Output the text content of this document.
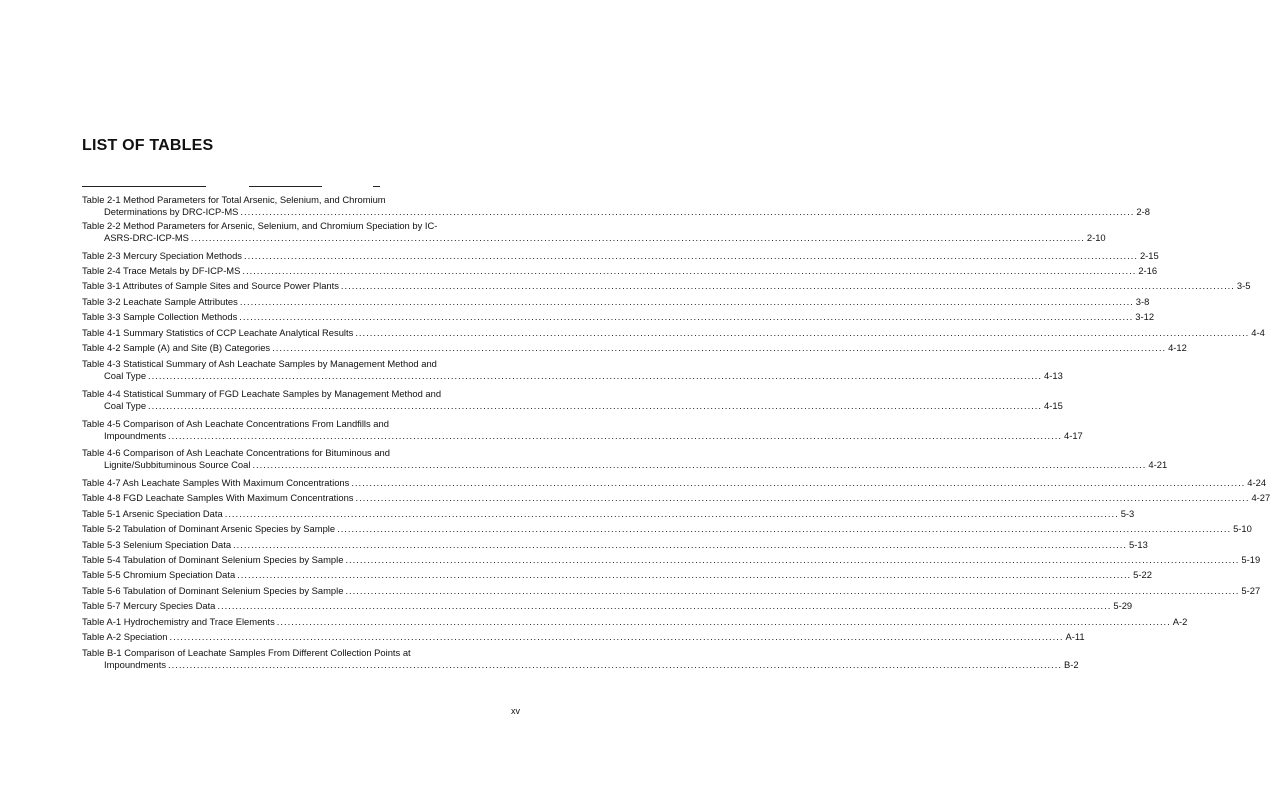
LIST OF TABLES
Table 2-1 Method Parameters for Total Arsenic, Selenium, and Chromium
Determinations by DRC-ICP-MS .....	2-8
Table 2-2 Method Parameters for Arsenic, Selenium, and Chromium Speciation by IC-
ASRS-DRC-ICP-MS .....	2-10
Table 2-3 Mercury Speciation Methods .....	2-15
Table 2-4 Trace Metals by DF-ICP-MS .....	2-16
Table 3-1 Attributes of Sample Sites and Source Power Plants .....	3-5
Table 3-2 Leachate Sample Attributes .....	3-8
Table 3-3 Sample Collection Methods .....	3-12
Table 4-1 Summary Statistics of CCP Leachate Analytical Results .....	4-4
Table 4-2 Sample (A) and Site (B) Categories .....	4-12
Table 4-3 Statistical Summary of Ash Leachate Samples by Management Method and
Coal Type .....	4-13
Table 4-4 Statistical Summary of FGD Leachate Samples by Management Method and
Coal Type .....	4-15
Table 4-5 Comparison of Ash Leachate Concentrations From Landfills and
Impoundments .....	4-17
Table 4-6 Comparison of Ash Leachate Concentrations for Bituminous and
Lignite/Subbituminous Source Coal .....	4-21
Table 4-7 Ash Leachate Samples With Maximum Concentrations .....	4-24
Table 4-8 FGD Leachate Samples With Maximum Concentrations .....	4-27
Table 5-1 Arsenic Speciation Data .....	5-3
Table 5-2 Tabulation of Dominant Arsenic Species by Sample .....	5-10
Table 5-3 Selenium Speciation Data .....	5-13
Table 5-4 Tabulation of Dominant Selenium Species by Sample .....	5-19
Table 5-5 Chromium Speciation Data .....	5-22
Table 5-6 Tabulation of Dominant Selenium Species by Sample .....	5-27
Table 5-7 Mercury Species Data .....	5-29
Table A-1 Hydrochemistry and Trace Elements .....	A-2
Table A-2 Speciation .....	A-11
Table B-1 Comparison of Leachate Samples From Different Collection Points at
Impoundments .....	B-2
xv
